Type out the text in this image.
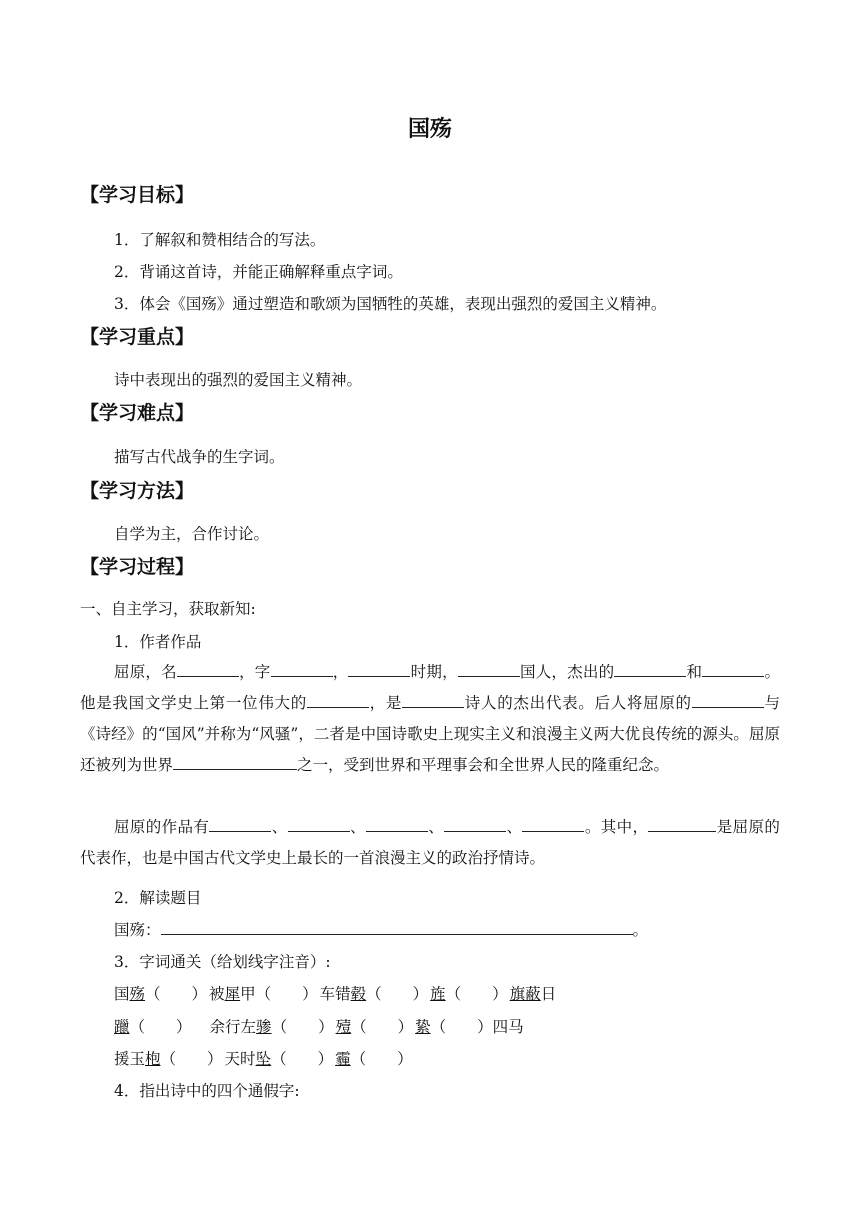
国殇
【学习目标】
1．了解叙和赞相结合的写法。
2．背诵这首诗，并能正确解释重点字词。
3．体会《国殇》通过塑造和歌颂为国牺牲的英雄，表现出强烈的爱国主义精神。
【学习重点】
诗中表现出的强烈的爱国主义精神。
【学习难点】
描写古代战争的生字词。
【学习方法】
自学为主，合作讨论。
【学习过程】
一、自主学习，获取新知:
1．作者作品
屈原，名	，字	，	时期，	国人，杰出的	和	。他是我国文学史上第一位伟大的	，是	诗人的杰出代表。后人将屈原的	与《诗经》的“国风”并称为“风骚”，二者是中国诗歌史上现实主义和浪漫主义两大优良传统的源头。屈原还被列为世界	之一，受到世界和平理事会和全世界人民的隆重纪念。
屈原的作品有	、	、	、	、	。其中，	是屈原的代表作，也是中国古代文学史上最长的一首浪漫主义的政治抒情诗。
2．解读题目
国殇：	。
3．字词通关（给划线字注音）:
国殇（　　） 被犀甲（　　） 车错毂（　　） 旌（　　） 旗蔽日
躐（　　） 余行左骖（　　） 殪（　　） 絷（　　）四马
援玉枹（　　） 天时坠（　　） 霾（　　）
4．指出诗中的四个通假字:
